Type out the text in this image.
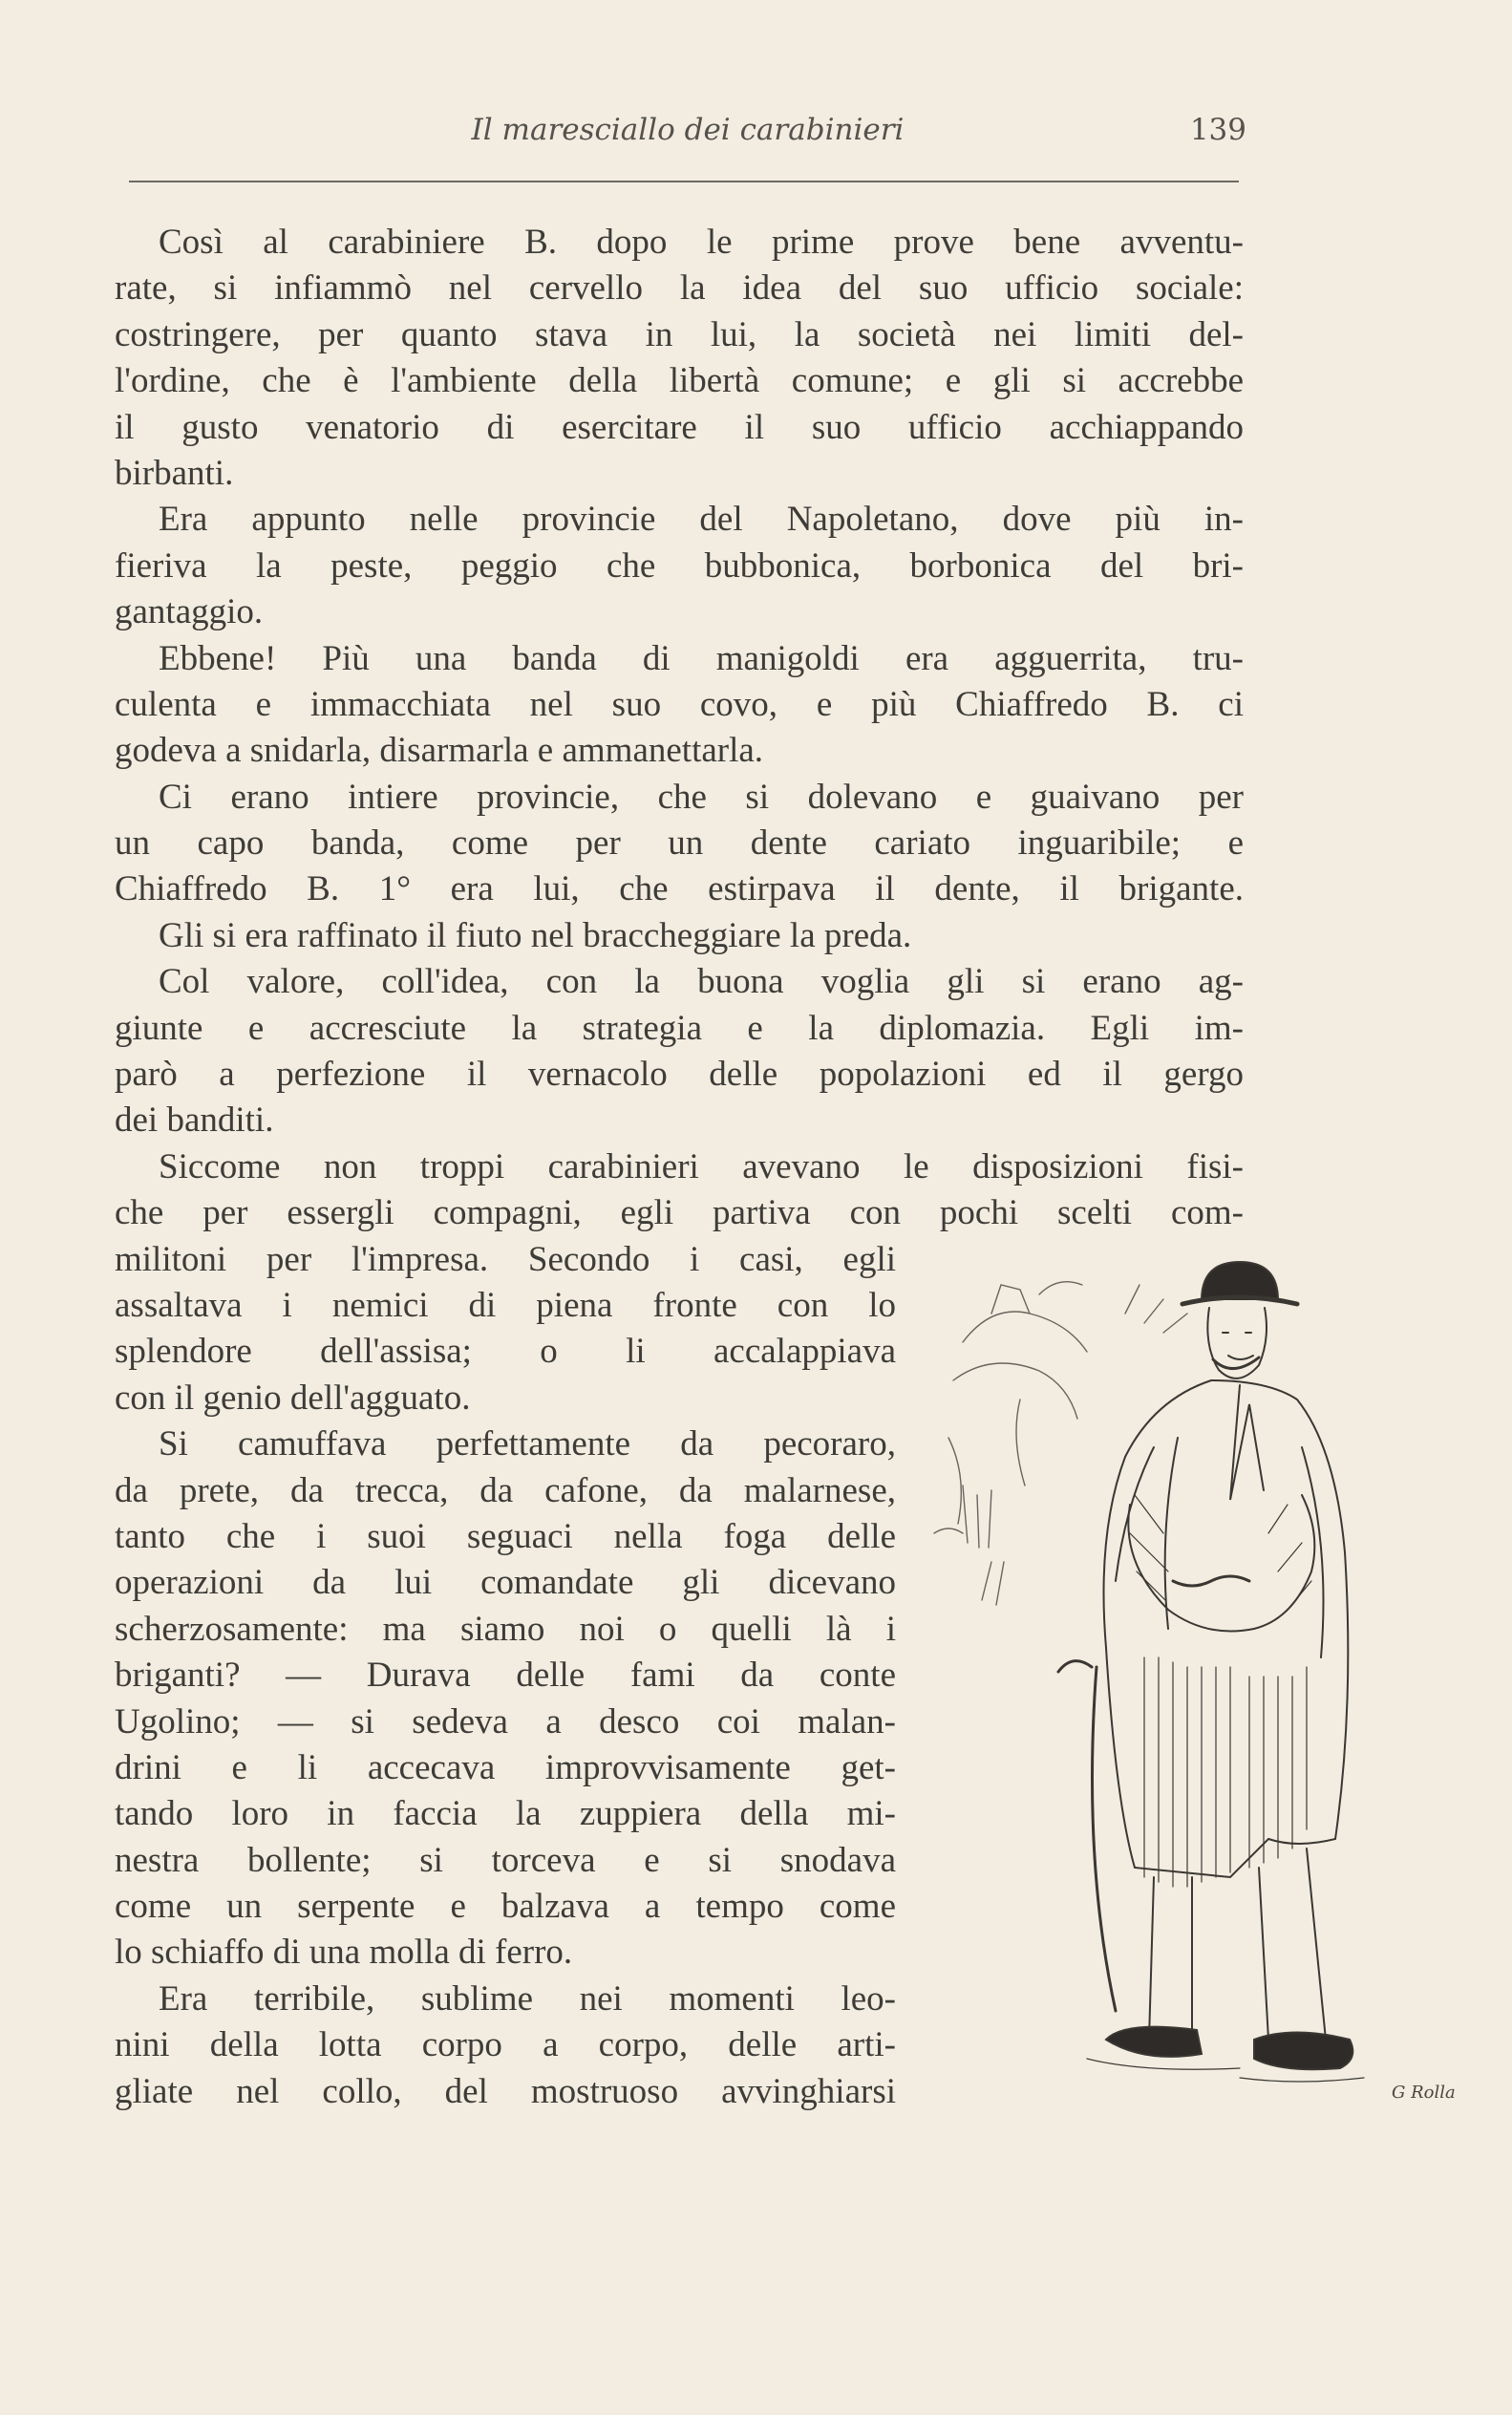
Il maresciallo dei carabinieri	139
Così al carabiniere B. dopo le prime prove bene avventu-
rate, si infiammò nel cervello la idea del suo ufficio sociale:
costringere, per quanto stava in lui, la società nei limiti del-
l'ordine, che è l'ambiente della libertà comune; e gli si accrebbe
il gusto venatorio di esercitare il suo ufficio acchiappando
birbanti.
Era appunto nelle provincie del Napoletano, dove più in-
fieriva la peste, peggio che bubbonica, borbonica del bri-
gantaggio.
Ebbene! Più una banda di manigoldi era agguerrita, tru-
culenta e immacchiata nel suo covo, e più Chiaffredo B. ci
godeva a snidarla, disarmarla e ammanettarla.
Ci erano intiere provincie, che si dolevano e guaivano per
un capo banda, come per un dente cariato inguaribile; e
Chiaffredo B. 1° era lui, che estirpava il dente, il brigante.
Gli si era raffinato il fiuto nel braccheggiare la preda.
Col valore, coll'idea, con la buona voglia gli si erano ag-
giunte e accresciute la strategia e la diplomazia. Egli im-
parò a perfezione il vernacolo delle popolazioni ed il gergo
dei banditi.
Siccome non troppi carabinieri avevano le disposizioni fisi-
che per essergli compagni, egli partiva con pochi scelti com-
militoni per l'impresa. Secondo i casi, egli
assaltava i nemici di piena fronte con lo
splendore dell'assisa; o li accalappiava
con il genio dell'agguato.
Si camuffava perfettamente da pecoraro,
da prete, da trecca, da cafone, da malarnese,
tanto che i suoi seguaci nella foga delle
operazioni da lui comandate gli dicevano
scherzosamente: ma siamo noi o quelli là i
briganti? — Durava delle fami da conte
Ugolino; — si sedeva a desco coi malan-
drini e li accecava improvvisamente get-
tando loro in faccia la zuppiera della mi-
nestra bollente; si torceva e si snodava
come un serpente e balzava a tempo come
lo schiaffo di una molla di ferro.
Era terribile, sublime nei momenti leo-
nini della lotta corpo a corpo, delle arti-
gliate nel collo, del mostruoso avvinghiarsi	G Rolla
